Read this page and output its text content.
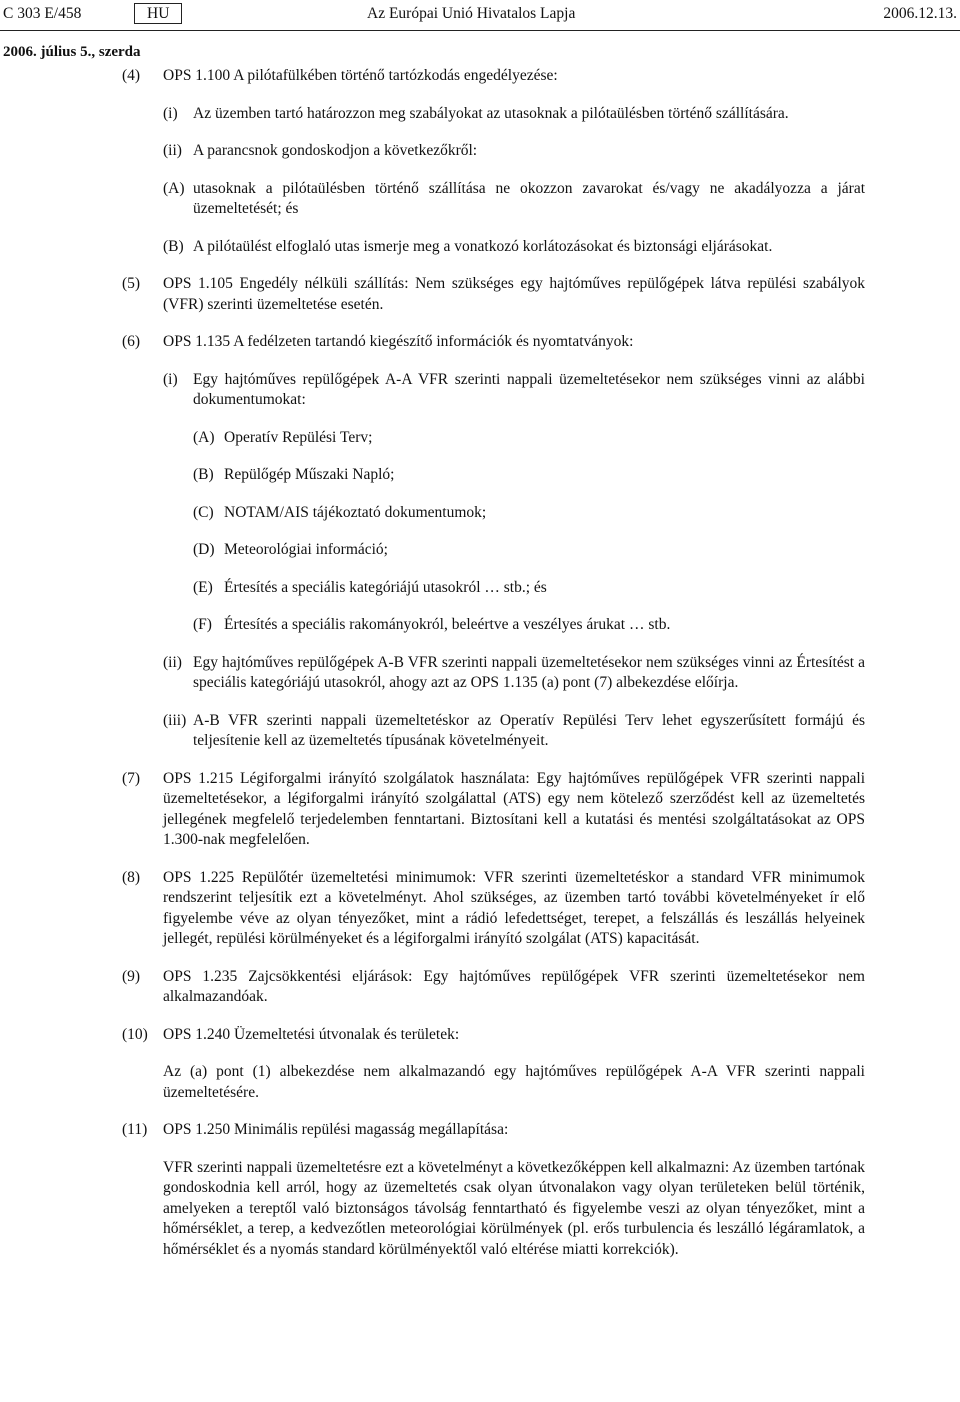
C 303 E/458	HU	Az Európai Unió Hivatalos Lapja	2006.12.13.
2006. július 5., szerda
(4) OPS 1.100 A pilótafülkében történő tartózkodás engedélyezése:
(i) Az üzemben tartó határozzon meg szabályokat az utasoknak a pilótaülésben történő szállítására.
(ii) A parancsnok gondoskodjon a következőkről:
(A) utasoknak a pilótaülésben történő szállítása ne okozzon zavarokat és/vagy ne akadályozza a járat üzemeltetését; és
(B) A pilótaülést elfoglaló utas ismerje meg a vonatkozó korlátozásokat és biztonsági eljárásokat.
(5) OPS 1.105 Engedély nélküli szállítás: Nem szükséges egy hajtóműves repülőgépek látva repülési szabályok (VFR) szerinti üzemeltetése esetén.
(6) OPS 1.135 A fedélzeten tartandó kiegészítő információk és nyomtatványok:
(i) Egy hajtóműves repülőgépek A-A VFR szerinti nappali üzemeltetésekor nem szükséges vinni az alábbi dokumentumokat:
(A) Operatív Repülési Terv;
(B) Repülőgép Műszaki Napló;
(C) NOTAM/AIS tájékoztató dokumentumok;
(D) Meteorológiai információ;
(E) Értesítés a speciális kategóriájú utasokról … stb.; és
(F) Értesítés a speciális rakományokról, beleértve a veszélyes árukat … stb.
(ii) Egy hajtóműves repülőgépek A-B VFR szerinti nappali üzemeltetésekor nem szükséges vinni az Értesítést a speciális kategóriájú utasokról, ahogy azt az OPS 1.135 (a) pont (7) albekezdése előírja.
(iii) A-B VFR szerinti nappali üzemeltetéskor az Operatív Repülési Terv lehet egyszerűsített formájú és teljesítenie kell az üzemeltetés típusának követelményeit.
(7) OPS 1.215 Légiforgalmi irányító szolgálatok használata: Egy hajtóműves repülőgépek VFR szerinti nappali üzemeltetésekor, a légiforgalmi irányító szolgálattal (ATS) egy nem kötelező szerződést kell az üzemeltetés jellegének megfelelő terjedelemben fenntartani. Biztosítani kell a kutatási és mentési szolgáltatásokat az OPS 1.300-nak megfelelően.
(8) OPS 1.225 Repülőtér üzemeltetési minimumok: VFR szerinti üzemeltetéskor a standard VFR minimumok rendszerint teljesítik ezt a követelményt. Ahol szükséges, az üzemben tartó további követelményeket ír elő figyelembe véve az olyan tényezőket, mint a rádió lefedettséget, terepet, a felszállás és leszállás helyeinek jellegét, repülési körülményeket és a légiforgalmi irányító szolgálat (ATS) kapacitását.
(9) OPS 1.235 Zajcsökkentési eljárások: Egy hajtóműves repülőgépek VFR szerinti üzemeltetésekor nem alkalmazandóak.
(10) OPS 1.240 Üzemeltetési útvonalak és területek:
Az (a) pont (1) albekezdése nem alkalmazandó egy hajtóműves repülőgépek A-A VFR szerinti nappali üzemeltetésére.
(11) OPS 1.250 Minimális repülési magasság megállapítása:
VFR szerinti nappali üzemeltetésre ezt a követelményt a következőképpen kell alkalmazni: Az üzemben tartónak gondoskodnia kell arról, hogy az üzemeltetés csak olyan útvonalakon vagy olyan területeken belül történik, amelyeken a tereptől való biztonságos távolság fenntartható és figyelembe veszi az olyan tényezőket, mint a hőmérséklet, a terep, a kedvezőtlen meteorológiai körülmények (pl. erős turbulencia és leszálló légáramlatok, a hőmérséklet és a nyomás standard körülményektől való eltérése miatti korrekciók).
